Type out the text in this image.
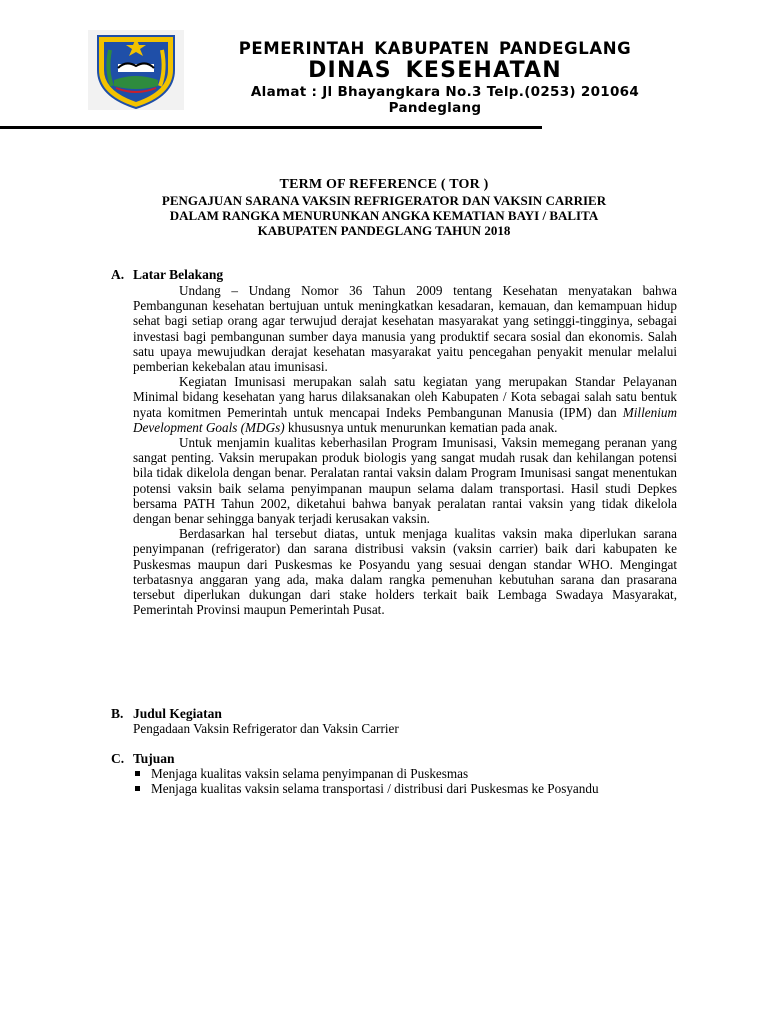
PEMERINTAH KABUPATEN PANDEGLANG
DINAS KESEHATAN
Alamat : Jl Bhayangkara No.3 Telp.(0253) 201064
Pandeglang
TERM OF REFERENCE ( TOR )
PENGAJUAN SARANA VAKSIN REFRIGERATOR DAN VAKSIN CARRIER
DALAM RANGKA MENURUNKAN ANGKA KEMATIAN BAYI / BALITA
KABUPATEN PANDEGLANG TAHUN 2018
A. Latar Belakang

Undang – Undang Nomor 36 Tahun 2009 tentang Kesehatan menyatakan bahwa Pembangunan kesehatan bertujuan untuk meningkatkan kesadaran, kemauan, dan kemampuan hidup sehat bagi setiap orang agar terwujud derajat kesehatan masyarakat yang setinggi-tingginya, sebagai investasi bagi pembangunan sumber daya manusia yang produktif secara sosial dan ekonomis. Salah satu upaya mewujudkan derajat kesehatan masyarakat yaitu pencegahan penyakit menular melalui pemberian kekebalan atau imunisasi.

Kegiatan Imunisasi merupakan salah satu kegiatan yang merupakan Standar Pelayanan Minimal bidang kesehatan yang harus dilaksanakan oleh Kabupaten / Kota sebagai salah satu bentuk nyata komitmen Pemerintah untuk mencapai Indeks Pembangunan Manusia (IPM) dan Millenium Development Goals (MDGs) khususnya untuk menurunkan kematian pada anak.

Untuk menjamin kualitas keberhasilan Program Imunisasi, Vaksin memegang peranan yang sangat penting. Vaksin merupakan produk biologis yang sangat mudah rusak dan kehilangan potensi bila tidak dikelola dengan benar. Peralatan rantai vaksin dalam Program Imunisasi sangat menentukan potensi vaksin baik selama penyimpanan maupun selama dalam transportasi. Hasil studi Depkes bersama PATH Tahun 2002, diketahui bahwa banyak peralatan rantai vaksin yang tidak dikelola dengan benar sehingga banyak terjadi kerusakan vaksin.

Berdasarkan hal tersebut diatas, untuk menjaga kualitas vaksin maka diperlukan sarana penyimpanan (refrigerator) dan sarana distribusi vaksin (vaksin carrier) baik dari kabupaten ke Puskesmas maupun dari Puskesmas ke Posyandu yang sesuai dengan standar WHO. Mengingat terbatasnya anggaran yang ada, maka dalam rangka pemenuhan kebutuhan sarana dan prasarana tersebut diperlukan dukungan dari stake holders terkait baik Lembaga Swadaya Masyarakat, Pemerintah Provinsi maupun Pemerintah Pusat.

B. Judul Kegiatan
Pengadaan Vaksin Refrigerator dan Vaksin Carrier
C. Tujuan
Menjaga kualitas vaksin selama penyimpanan di Puskesmas
Menjaga kualitas vaksin selama transportasi / distribusi dari Puskesmas ke Posyandu
